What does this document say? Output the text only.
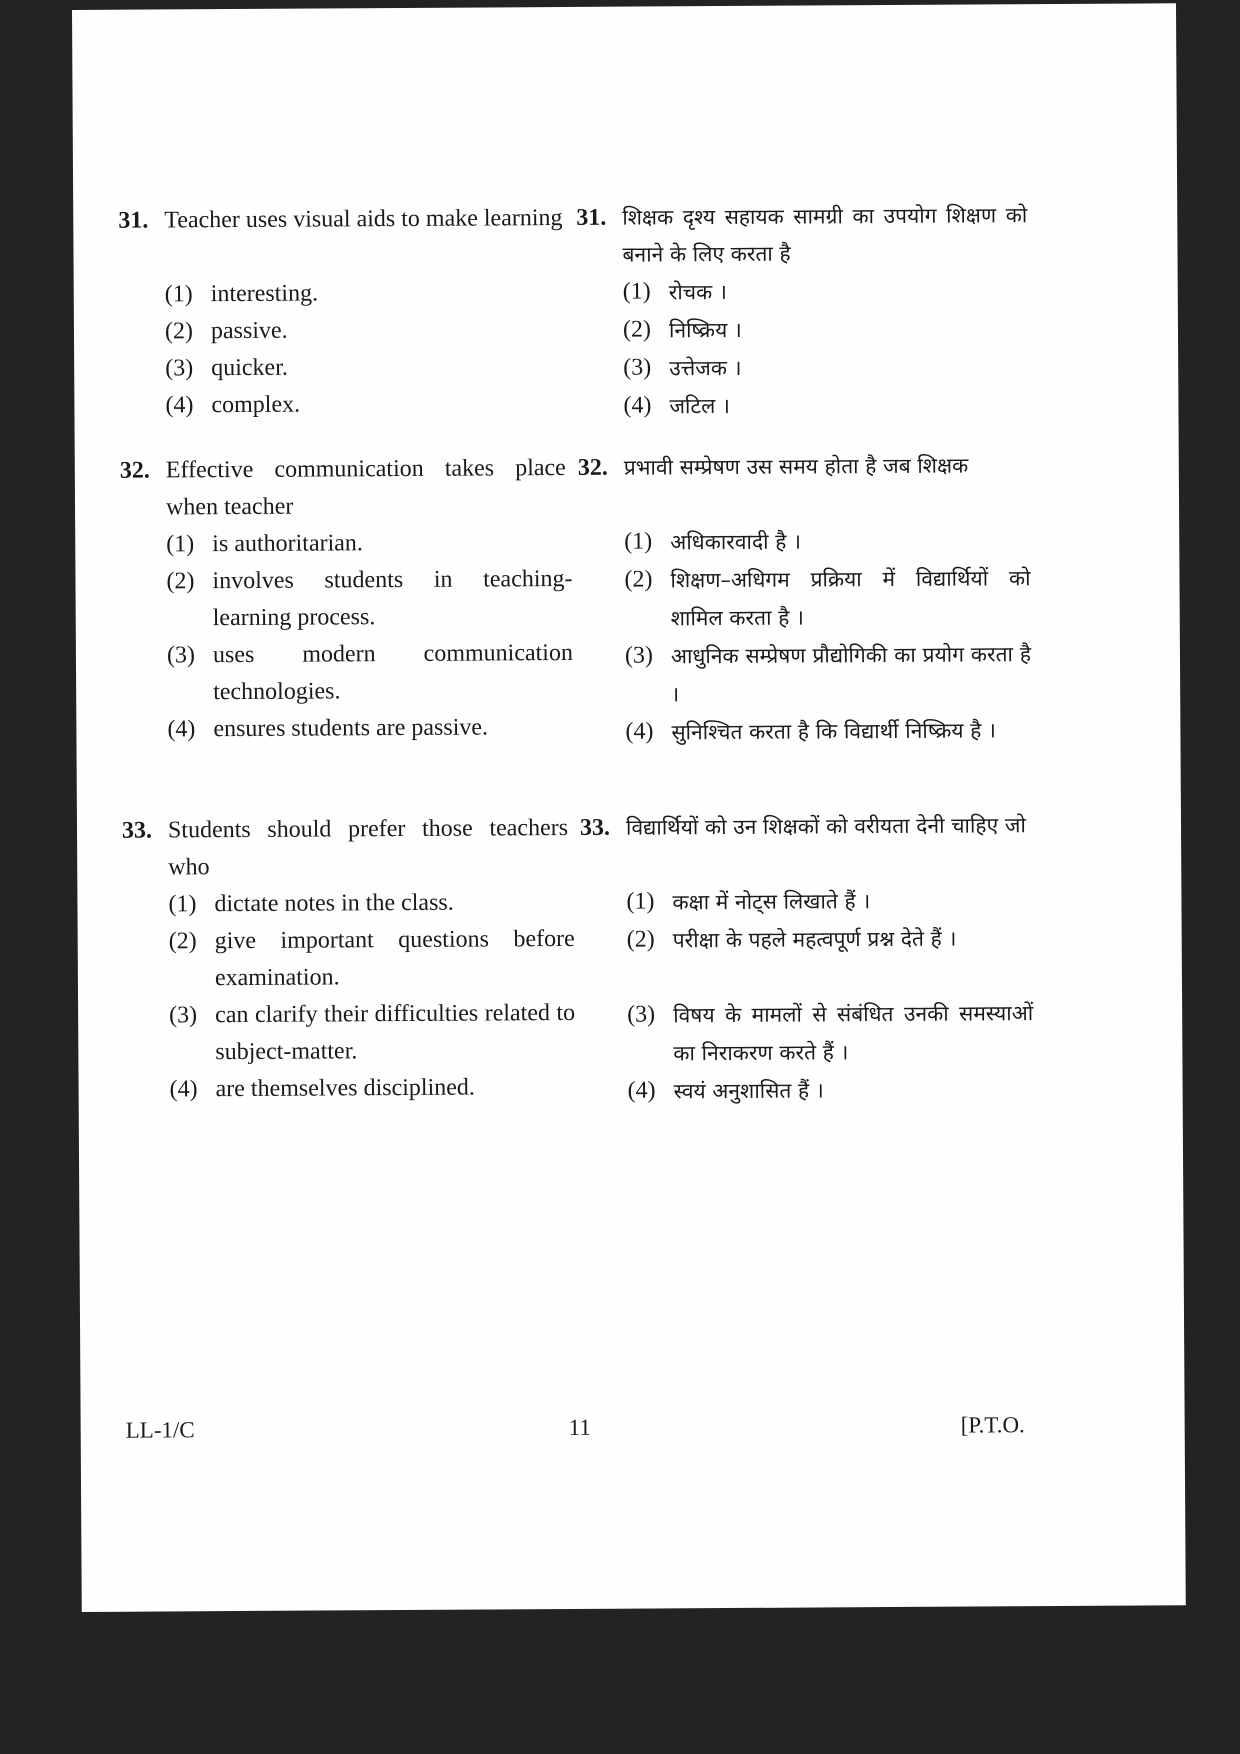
31. Teacher uses visual aids to make learning
(1) interesting.
(2) passive.
(3) quicker.
(4) complex.
31. शिक्षक दृश्य सहायक सामग्री का उपयोग शिक्षण को बनाने के लिए करता है
(1) रोचक ।
(2) निष्क्रिय ।
(3) उत्तेजक ।
(4) जटिल ।
32. Effective communication takes place when teacher
(1) is authoritarian.
(2) involves students in teaching-learning process.
(3) uses modern communication technologies.
(4) ensures students are passive.
32. प्रभावी सम्प्रेषण उस समय होता है जब शिक्षक
(1) अधिकारवादी है ।
(2) शिक्षण–अधिगम प्रक्रिया में विद्यार्थियों को शामिल करता है ।
(3) आधुनिक सम्प्रेषण प्रौद्योगिकी का प्रयोग करता है ।
(4) सुनिश्चित करता है कि विद्यार्थी निष्क्रिय है ।
33. Students should prefer those teachers who
(1) dictate notes in the class.
(2) give important questions before examination.
(3) can clarify their difficulties related to subject-matter.
(4) are themselves disciplined.
33. विद्यार्थियों को उन शिक्षकों को वरीयता देनी चाहिए जो
(1) कक्षा में नोट्स लिखाते हैं ।
(2) परीक्षा के पहले महत्वपूर्ण प्रश्न देते हैं ।
(3) विषय के मामलों से संबंधित उनकी समस्याओं का निराकरण करते हैं ।
(4) स्वयं अनुशासित हैं ।
LL-1/C	11	[P.T.O.
